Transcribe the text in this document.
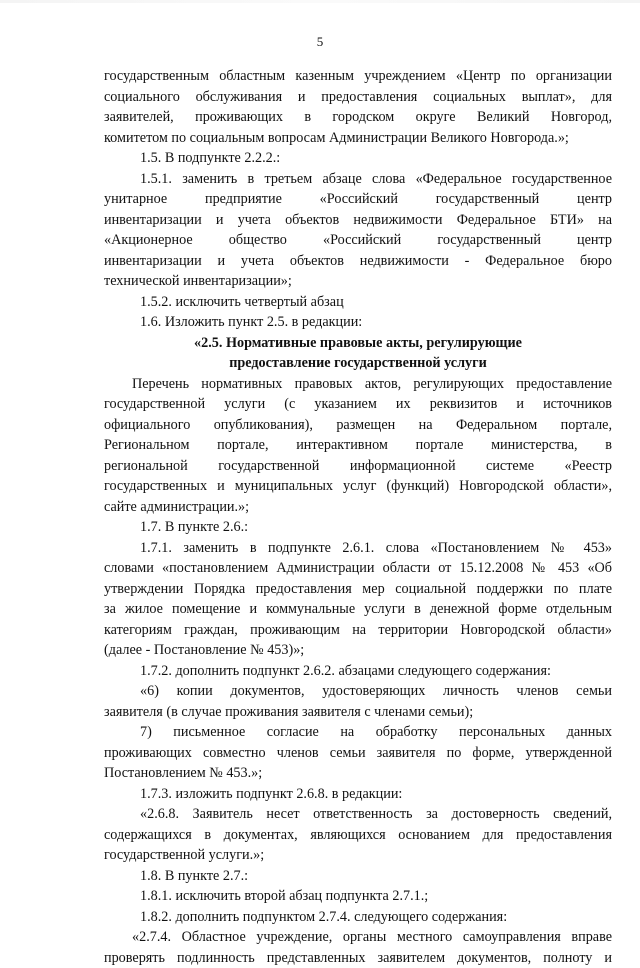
5
государственным областным казенным учреждением «Центр по организации
социального обслуживания и предоставления социальных выплат», для
заявителей, проживающих в городском округе Великий Новгород,
комитетом по социальным вопросам Администрации Великого Новгорода.»;
1.5. В подпункте 2.2.2.:
1.5.1. заменить в третьем абзаце слова «Федеральное государственное
унитарное предприятие «Российский государственный центр
инвентаризации и учета объектов недвижимости Федеральное БТИ» на
«Акционерное общество «Российский государственный центр
инвентаризации и учета объектов недвижимости - Федеральное бюро
технической инвентаризации»;
1.5.2. исключить четвертый абзац
1.6. Изложить пункт 2.5. в редакции:
«2.5. Нормативные правовые акты, регулирующие
предоставление государственной услуги
Перечень нормативных правовых актов, регулирующих предоставление
государственной услуги (с указанием их реквизитов и источников
официального опубликования), размещен на Федеральном портале,
Региональном портале, интерактивном портале министерства, в
региональной государственной информационной системе «Реестр
государственных и муниципальных услуг (функций) Новгородской области»,
сайте администрации.»;
1.7. В пункте 2.6.:
1.7.1. заменить в подпункте 2.6.1. слова «Постановлением № 453»
словами «постановлением Администрации области от 15.12.2008 № 453 «Об
утверждении Порядка предоставления мер социальной поддержки по плате
за жилое помещение и коммунальные услуги в денежной форме отдельным
категориям граждан, проживающим на территории Новгородской области»
(далее - Постановление № 453)»;
1.7.2. дополнить подпункт 2.6.2. абзацами следующего содержания:
«6) копии документов, удостоверяющих личность членов семьи
заявителя (в случае проживания заявителя с членами семьи);
7) письменное согласие на обработку персональных данных
проживающих совместно членов семьи заявителя по форме, утвержденной
Постановлением № 453.»;
1.7.3. изложить подпункт 2.6.8. в редакции:
«2.6.8. Заявитель несет ответственность за достоверность сведений,
содержащихся в документах, являющихся основанием для предоставления
государственной услуги.»;
1.8. В пункте 2.7.:
1.8.1. исключить второй абзац подпункта 2.7.1.;
1.8.2. дополнить подпунктом 2.7.4. следующего содержания:
«2.7.4. Областное учреждение, органы местного самоуправления вправе
проверять подлинность представленных заявителем документов, полноту и
